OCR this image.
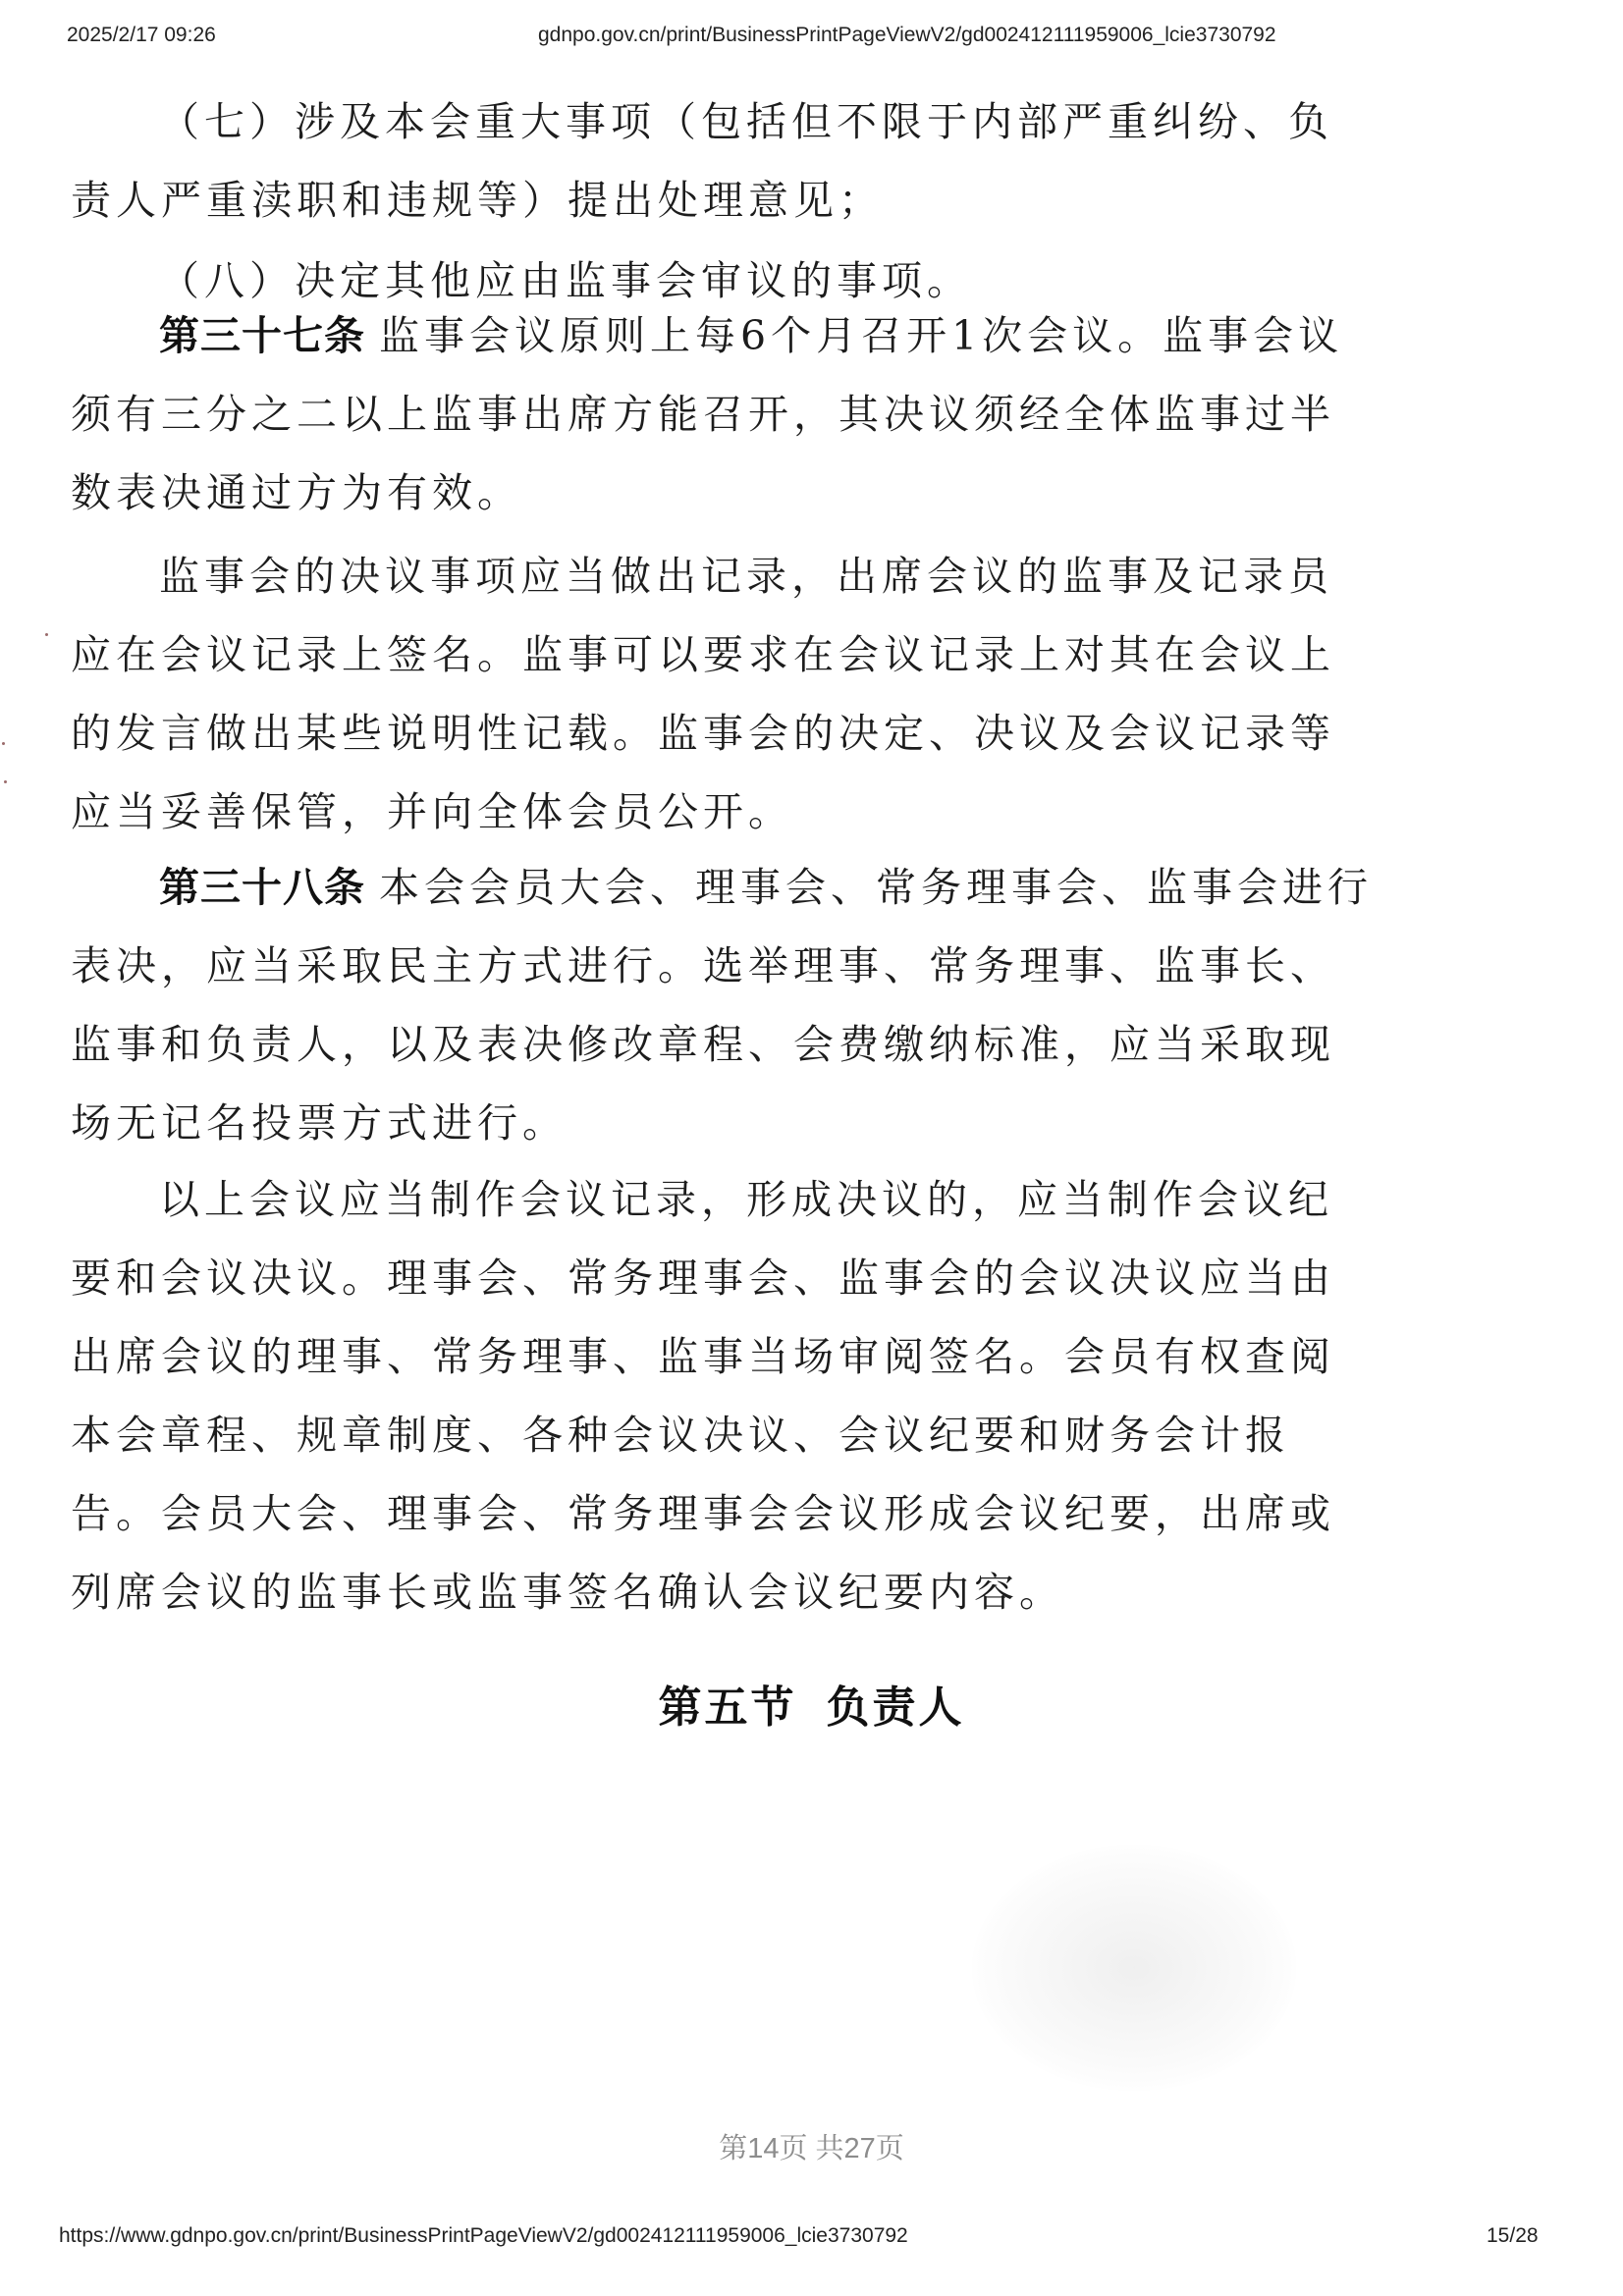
2025/2/17 09:26	gdnpo.gov.cn/print/BusinessPrintPageViewV2/gd002412111959006_lcie3730792

（七）涉及本会重大事项（包括但不限于内部严重纠纷、负责人严重渎职和违规等）提出处理意见；

（八）决定其他应由监事会审议的事项。

第三十七条 监事会议原则上每6个月召开1次会议。监事会议须有三分之二以上监事出席方能召开，其决议须经全体监事过半数表决通过方为有效。

监事会的决议事项应当做出记录，出席会议的监事及记录员应在会议记录上签名。监事可以要求在会议记录上对其在会议上的发言做出某些说明性记载。监事会的决定、决议及会议记录等应当妥善保管，并向全体会员公开。

第三十八条 本会会员大会、理事会、常务理事会、监事会进行表决，应当采取民主方式进行。选举理事、常务理事、监事长、监事和负责人，以及表决修改章程、会费缴纳标准，应当采取现场无记名投票方式进行。

以上会议应当制作会议记录，形成决议的，应当制作会议纪要和会议决议。理事会、常务理事会、监事会的会议决议应当由出席会议的理事、常务理事、监事当场审阅签名。会员有权查阅本会章程、规章制度、各种会议决议、会议纪要和财务会计报告。会员大会、理事会、常务理事会会议形成会议纪要，出席或列席会议的监事长或监事签名确认会议纪要内容。

第五节 负责人
第14页 共27页
https://www.gdnpo.gov.cn/print/BusinessPrintPageViewV2/gd002412111959006_lcie3730792	15/28
